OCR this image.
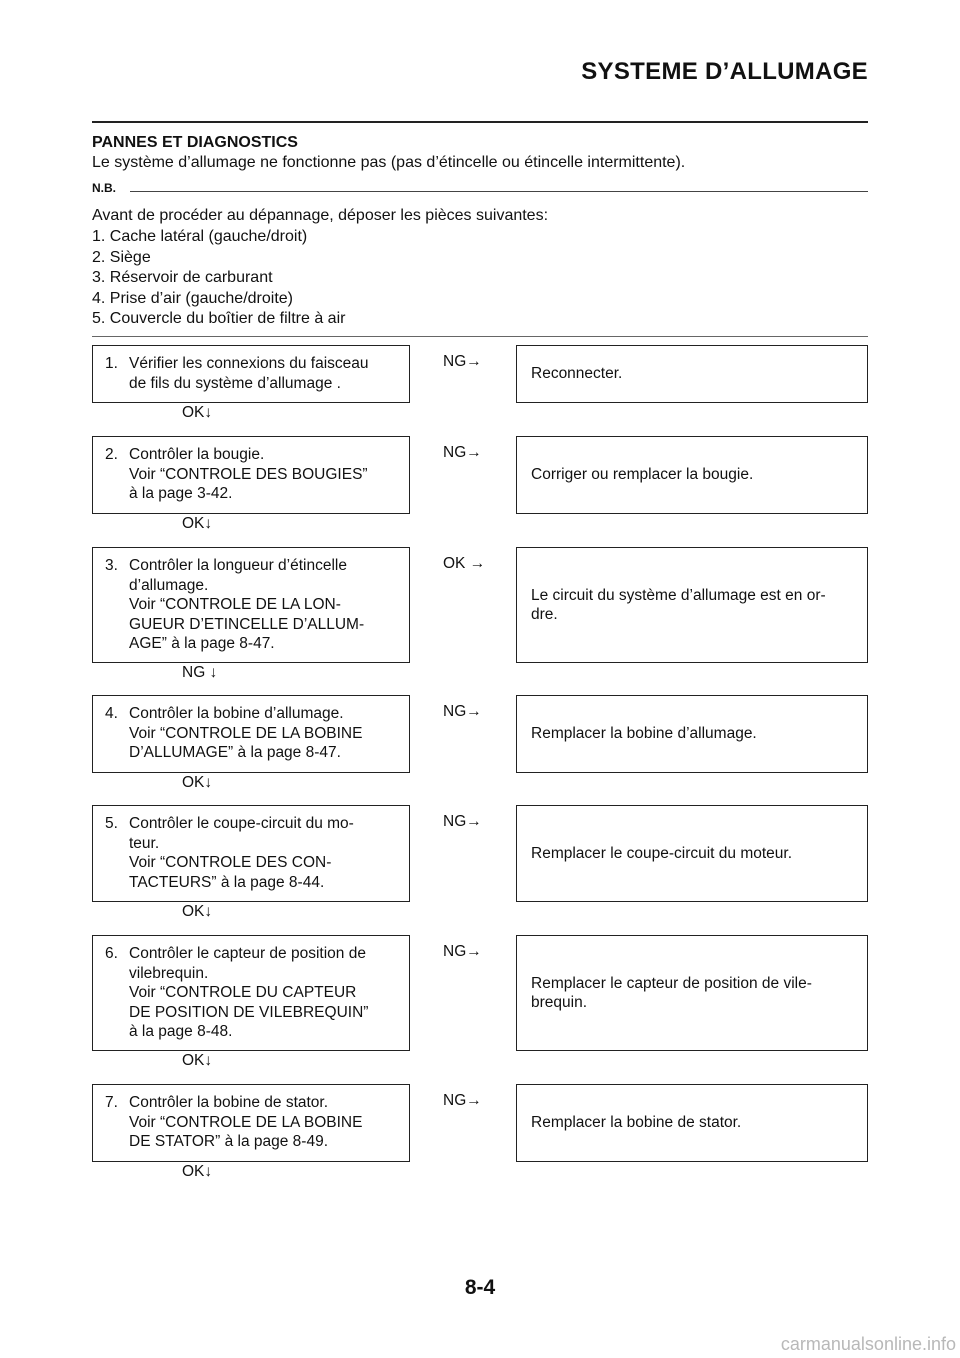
SYSTEME D’ALLUMAGE
PANNES ET DIAGNOSTICS
Le système d’allumage ne fonctionne pas (pas d’étincelle ou étincelle intermittente).
N.B.
Avant de procéder au dépannage, déposer les pièces suivantes:
1. Cache latéral (gauche/droit)
2. Siège
3. Réservoir de carburant
4. Prise d’air (gauche/droite)
5. Couvercle du boîtier de filtre à air
1. Vérifier les connexions du faisceau
de fils du système d’allumage .
NG→
Reconnecter.
OK↓
2. Contrôler la bougie.
Voir “CONTROLE DES BOUGIES”
à la page 3-42.
NG→
Corriger ou remplacer la bougie.
OK↓
3. Contrôler la longueur d’étincelle
d’allumage.
Voir “CONTROLE DE LA LON-
GUEUR D’ETINCELLE D’ALLUM-
AGE” à la page 8-47.
OK →
Le circuit du système d’allumage est en or-
dre.
NG ↓
4. Contrôler la bobine d’allumage.
Voir “CONTROLE DE LA BOBINE
D’ALLUMAGE” à la page 8-47.
NG→
Remplacer la bobine d’allumage.
OK↓
5. Contrôler le coupe-circuit du mo-
teur.
Voir “CONTROLE DES CON-
TACTEURS” à la page 8-44.
NG→
Remplacer le coupe-circuit du moteur.
OK↓
6. Contrôler le capteur de position de
vilebrequin.
Voir “CONTROLE DU CAPTEUR
DE POSITION DE VILEBREQUIN”
à la page 8-48.
NG→
Remplacer le capteur de position de vile-
brequin.
OK↓
7. Contrôler la bobine de stator.
Voir “CONTROLE DE LA BOBINE
DE STATOR” à la page 8-49.
NG→
Remplacer la bobine de stator.
OK↓
8-4
carmanualsonline.info
